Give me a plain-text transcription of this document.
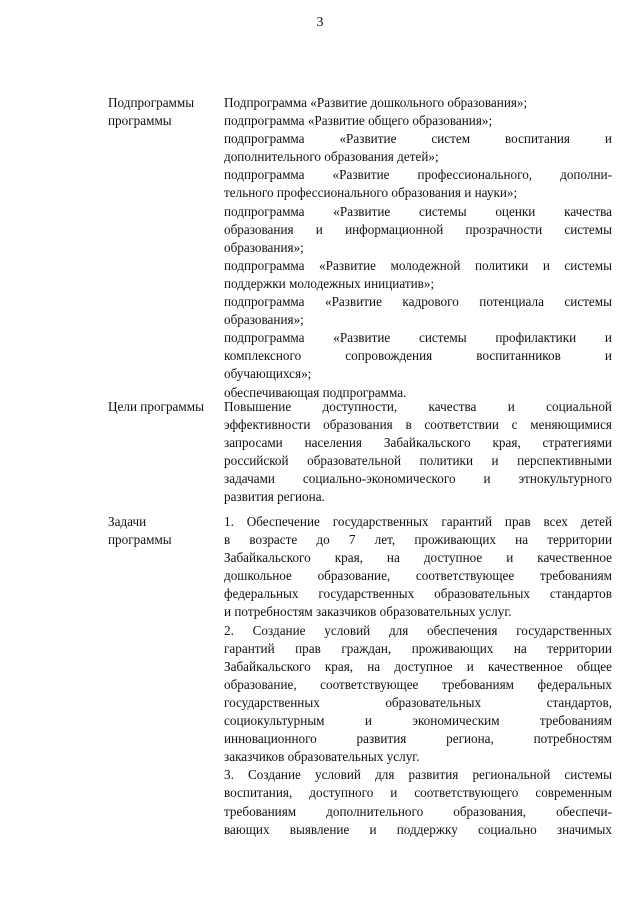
3
Подпрограммы
программы
Подпрограмма «Развитие дошкольного образования»;
подпрограмма «Развитие общего образования»;
подпрограмма «Развитие систем воспитания и
дополнительного образования детей»;
подпрограмма «Развитие профессионального, дополни-
тельного профессионального образования и науки»;
подпрограмма «Развитие системы оценки качества
образования и информационной прозрачности системы
образования»;
подпрограмма «Развитие молодежной политики и системы
поддержки молодежных инициатив»;
подпрограмма «Развитие кадрового потенциала системы
образования»;
подпрограмма «Развитие системы профилактики и
комплексного сопровождения воспитанников и
обучающихся»;
обеспечивающая подпрограмма.
Цели программы	Повышение доступности, качества и социальной
эффективности образования в соответствии с меняющимися
запросами населения Забайкальского края, стратегиями
российской образовательной политики и перспективными
задачами социально-экономического и этнокультурного
развития региона.
Задачи
программы
1. Обеспечение государственных гарантий прав всех детей
в возрасте до 7 лет, проживающих на территории
Забайкальского края, на доступное и качественное
дошкольное образование, соответствующее требованиям
федеральных государственных образовательных стандартов
и потребностям заказчиков образовательных услуг.
2. Создание условий для обеспечения государственных
гарантий прав граждан, проживающих на территории
Забайкальского края, на доступное и качественное общее
образование, соответствующее требованиям федеральных
государственных образовательных стандартов,
социокультурным и экономическим требованиям
инновационного развития региона, потребностям
заказчиков образовательных услуг.
3. Создание условий для развития региональной системы
воспитания, доступного и соответствующего современным
требованиям дополнительного образования, обеспечи-
вающих выявление и поддержку социально значимых
